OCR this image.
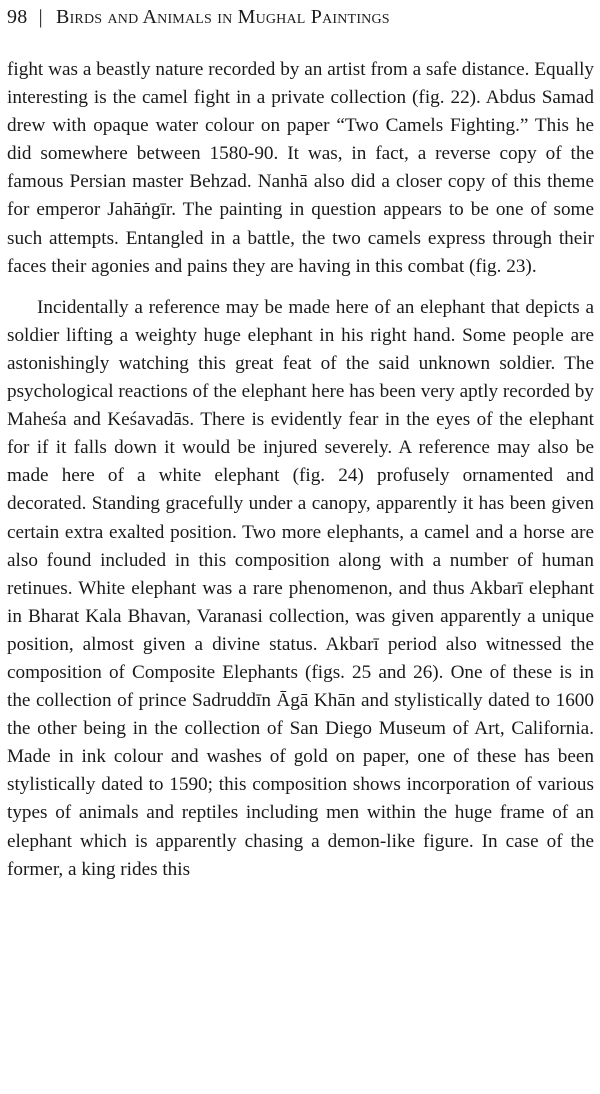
98 | Birds and Animals in Mughal Paintings

fight was a beastly nature recorded by an artist from a safe distance. Equally interesting is the camel fight in a private collection (fig. 22). Abdus Samad drew with opaque water colour on paper “Two Camels Fighting.” This he did somewhere between 1580-90. It was, in fact, a reverse copy of the famous Persian master Behzad. Nanhā also did a closer copy of this theme for emperor Jahāṅgīr. The painting in question appears to be one of some such attempts. Entangled in a battle, the two camels express through their faces their agonies and pains they are having in this combat (fig. 23).

Incidentally a reference may be made here of an elephant that depicts a soldier lifting a weighty huge elephant in his right hand. Some people are astonishingly watching this great feat of the said unknown soldier. The psychological reactions of the elephant here has been very aptly recorded by Maheśa and Keśavadās. There is evidently fear in the eyes of the elephant for if it falls down it would be injured severely. A reference may also be made here of a white elephant (fig. 24) profusely ornamented and decorated. Standing gracefully under a canopy, apparently it has been given certain extra exalted position. Two more elephants, a camel and a horse are also found included in this composition along with a number of human retinues. White elephant was a rare phenomenon, and thus Akbarī elephant in Bharat Kala Bhavan, Varanasi collection, was given apparently a unique position, almost given a divine status. Akbarī period also witnessed the composition of Composite Elephants (figs. 25 and 26). One of these is in the collection of prince Sadruddīn Āgā Khān and stylistically dated to 1600 the other being in the collection of San Diego Museum of Art, California. Made in ink colour and washes of gold on paper, one of these has been stylistically dated to 1590; this composition shows incorporation of various types of animals and reptiles including men within the huge frame of an elephant which is apparently chasing a demon-like figure. In case of the former, a king rides this
